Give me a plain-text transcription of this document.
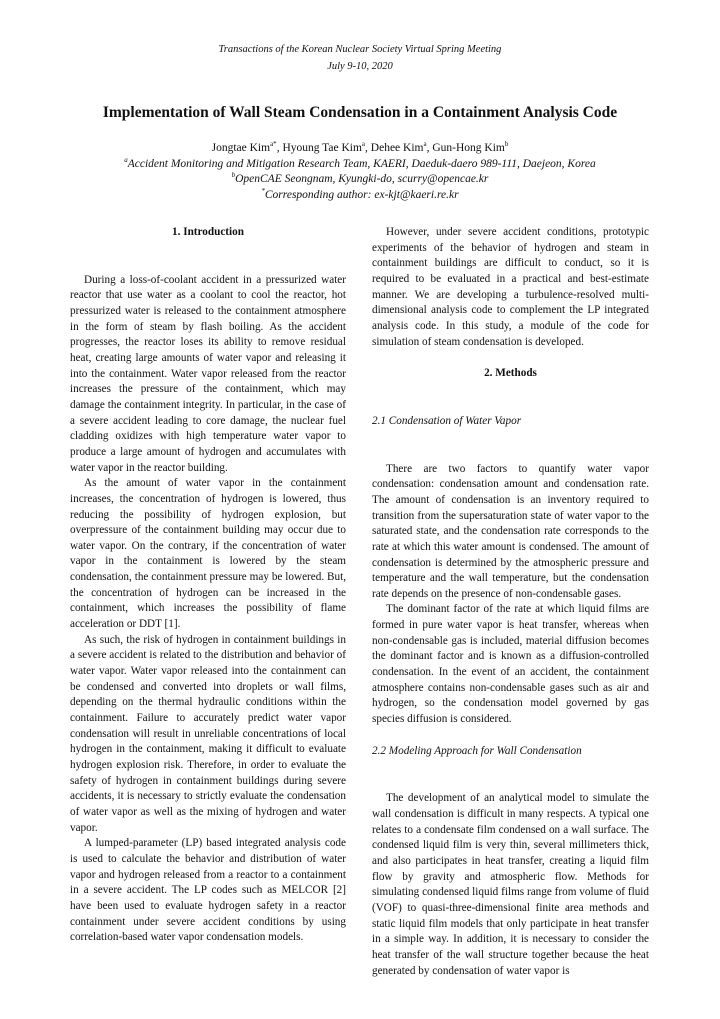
Transactions of the Korean Nuclear Society Virtual Spring Meeting
July 9-10, 2020
Implementation of Wall Steam Condensation in a Containment Analysis Code
Jongtae Kim$^{a*}$, Hyoung Tae Kim$^a$, Dehee Kim$^a$, Gun-Hong Kim$^b$
$^a$Accident Monitoring and Mitigation Research Team, KAERI, Daeduk-daero 989-111, Daejeon, Korea
$^b$OpenCAE Seongnam, Kyungki-do, scurry@opencae.kr
*Corresponding author: ex-kjt@kaeri.re.kr
1. Introduction

During a loss-of-coolant accident in a pressurized water reactor that use water as a coolant to cool the reactor, hot pressurized water is released to the containment atmosphere in the form of steam by flash boiling. As the accident progresses, the reactor loses its ability to remove residual heat, creating large amounts of water vapor and releasing it into the containment. Water vapor released from the reactor increases the pressure of the containment, which may damage the containment integrity. In particular, in the case of a severe accident leading to core damage, the nuclear fuel cladding oxidizes with high temperature water vapor to produce a large amount of hydrogen and accumulates with water vapor in the reactor building.

As the amount of water vapor in the containment increases, the concentration of hydrogen is lowered, thus reducing the possibility of hydrogen explosion, but overpressure of the containment building may occur due to water vapor. On the contrary, if the concentration of water vapor in the containment is lowered by the steam condensation, the containment pressure may be lowered. But, the concentration of hydrogen can be increased in the containment, which increases the possibility of flame acceleration or DDT [1].

As such, the risk of hydrogen in containment buildings in a severe accident is related to the distribution and behavior of water vapor. Water vapor released into the containment can be condensed and converted into droplets or wall films, depending on the thermal hydraulic conditions within the containment. Failure to accurately predict water vapor condensation will result in unreliable concentrations of local hydrogen in the containment, making it difficult to evaluate hydrogen explosion risk. Therefore, in order to evaluate the safety of hydrogen in containment buildings during severe accidents, it is necessary to strictly evaluate the condensation of water vapor as well as the mixing of hydrogen and water vapor.

A lumped-parameter (LP) based integrated analysis code is used to calculate the behavior and distribution of water vapor and hydrogen released from a reactor to a containment in a severe accident. The LP codes such as MELCOR [2] have been used to evaluate hydrogen safety in a reactor containment under severe accident conditions by using correlation-based water vapor condensation models.

However, under severe accident conditions, prototypic experiments of the behavior of hydrogen and steam in containment buildings are difficult to conduct, so it is required to be evaluated in a practical and best-estimate manner. We are developing a turbulence-resolved multi-dimensional analysis code to complement the LP integrated analysis code. In this study, a module of the code for simulation of steam condensation is developed.

2. Methods
2.1 Condensation of Water Vapor

There are two factors to quantify water vapor condensation: condensation amount and condensation rate. The amount of condensation is an inventory required to transition from the supersaturation state of water vapor to the saturated state, and the condensation rate corresponds to the rate at which this water amount is condensed. The amount of condensation is determined by the atmospheric pressure and temperature and the wall temperature, but the condensation rate depends on the presence of non-condensable gases.

The dominant factor of the rate at which liquid films are formed in pure water vapor is heat transfer, whereas when non-condensable gas is included, material diffusion becomes the dominant factor and is known as a diffusion-controlled condensation. In the event of an accident, the containment atmosphere contains non-condensable gases such as air and hydrogen, so the condensation model governed by gas species diffusion is considered.

2.2 Modeling Approach for Wall Condensation

The development of an analytical model to simulate the wall condensation is difficult in many respects. A typical one relates to a condensate film condensed on a wall surface. The condensed liquid film is very thin, several millimeters thick, and also participates in heat transfer, creating a liquid film flow by gravity and atmospheric flow. Methods for simulating condensed liquid films range from volume of fluid (VOF) to quasi-three-dimensional finite area methods and static liquid film models that only participate in heat transfer in a simple way. In addition, it is necessary to consider the heat transfer of the wall structure together because the heat generated by condensation of water vapor is
